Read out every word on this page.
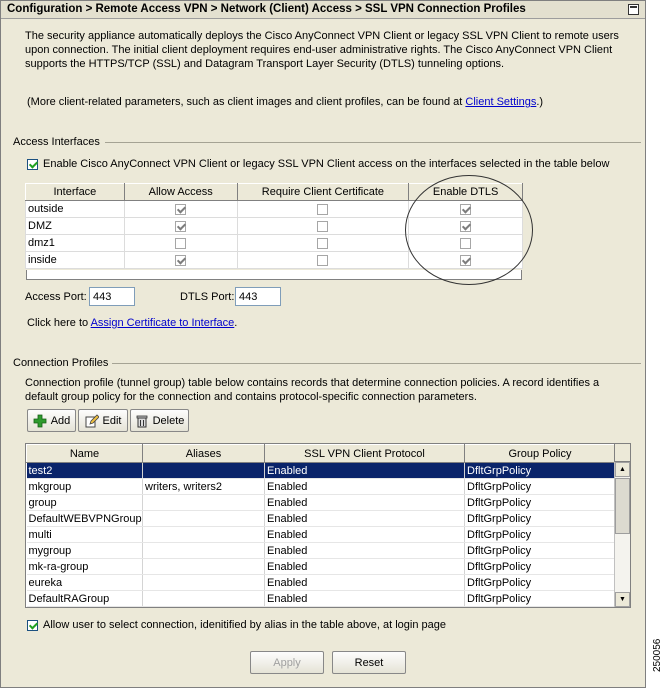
Configuration > Remote Access VPN > Network (Client) Access > SSL VPN Connection Profiles
The security appliance automatically deploys the Cisco AnyConnect VPN Client or legacy SSL VPN Client to remote users upon connection. The initial client deployment requires end-user administrative rights. The Cisco AnyConnect VPN Client supports the HTTPS/TCP (SSL) and Datagram Transport Layer Security (DTLS) tunneling options.
(More client-related parameters, such as client images and client profiles, can be found at Client Settings.)
Access Interfaces
Enable Cisco AnyConnect VPN Client or legacy SSL VPN Client access on the interfaces selected in the table below
Interface	Allow Access	Require Client Certificate	Enable DTLS
outside			
DMZ			
dmz1			
inside			
Access Port:
443	DTLS Port:
443
Click here to Assign Certificate to Interface.
Connection Profiles
Connection profile (tunnel group) table below contains records that determine connection policies. A record identifies a default group policy for the connection and contains protocol-specific connection parameters.
Add	Edit	Delete
Name	Aliases	SSL VPN Client Protocol	Group Policy
test2		Enabled	DfltGrpPolicy
mkgroup	writers, writers2	Enabled	DfltGrpPolicy
group		Enabled	DfltGrpPolicy
DefaultWEBVPNGroup		Enabled	DfltGrpPolicy
multi		Enabled	DfltGrpPolicy
mygroup		Enabled	DfltGrpPolicy
mk-ra-group		Enabled	DfltGrpPolicy
eureka		Enabled	DfltGrpPolicy
DefaultRAGroup		Enabled	DfltGrpPolicy
▲
▼
Allow user to select connection, idenitified by alias in the table above, at login page
Apply	Reset	250056
